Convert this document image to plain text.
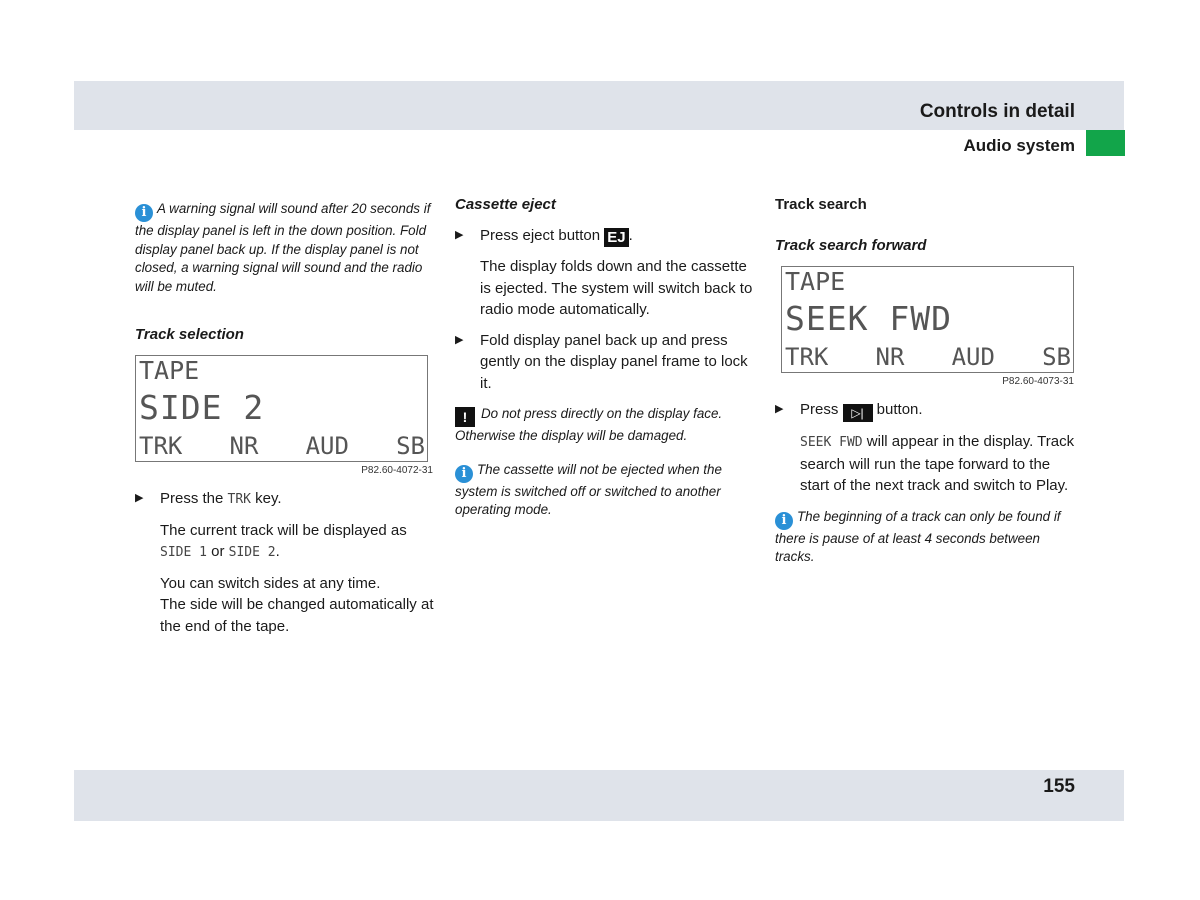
Controls in detail
Audio system

i A warning signal will sound after 20 seconds if the display panel is left in the down position. Fold display panel back up. If the display panel is not closed, a warning signal will sound and the radio will be muted.

Track selection

TAPE
SIDE 2
TRK NR AUD SB
P82.60-4072-31

▶ Press the TRK key.

The current track will be displayed as SIDE 1 or SIDE 2.

You can switch sides at any time.
The side will be changed automatically at the end of the tape.

Cassette eject

▶ Press eject button EJ .

The display folds down and the cassette is ejected. The system will switch back to radio mode automatically.

▶ Fold display panel back up and press gently on the display panel frame to lock it.

! Do not press directly on the display face. Otherwise the display will be damaged.

i The cassette will not be ejected when the system is switched off or switched to another operating mode.

Track search

Track search forward

TAPE
SEEK FWD
TRK NR AUD SB
P82.60-4073-31

▶ Press ▷| button.

SEEK FWD will appear in the display. Track search will run the tape forward to the start of the next track and switch to Play.

i The beginning of a track can only be found if there is pause of at least 4 seconds between tracks.

155
